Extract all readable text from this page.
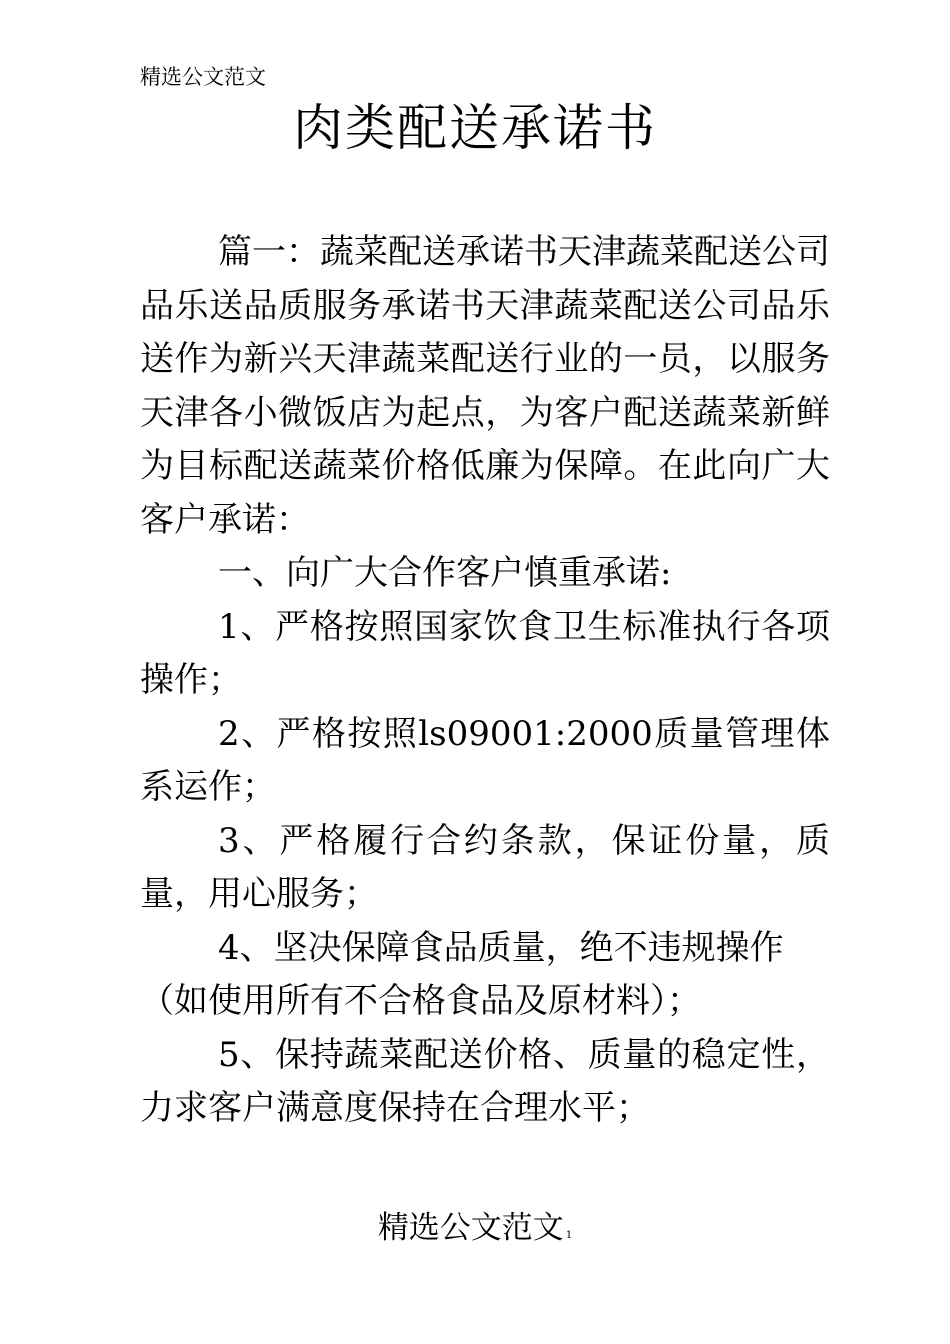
精选公文范文
肉类配送承诺书

篇一：蔬菜配送承诺书天津蔬菜配送公司品乐送品质服务承诺书天津蔬菜配送公司品乐送作为新兴天津蔬菜配送行业的一员，以服务天津各小微饭店为起点，为客户配送蔬菜新鲜为目标配送蔬菜价格低廉为保障。在此向广大客户承诺：

一、向广大合作客户慎重承诺:

1、严格按照国家饮食卫生标准执行各项操作；

2、严格按照ls09001:2000质量管理体系运作；

3、严格履行合约条款，保证份量，质量，用心服务；

4、坚决保障食品质量，绝不违规操作（如使用所有不合格食品及原材料）；

5、保持蔬菜配送价格、质量的稳定性，力求客户满意度保持在合理水平；

精选公文范文 1
